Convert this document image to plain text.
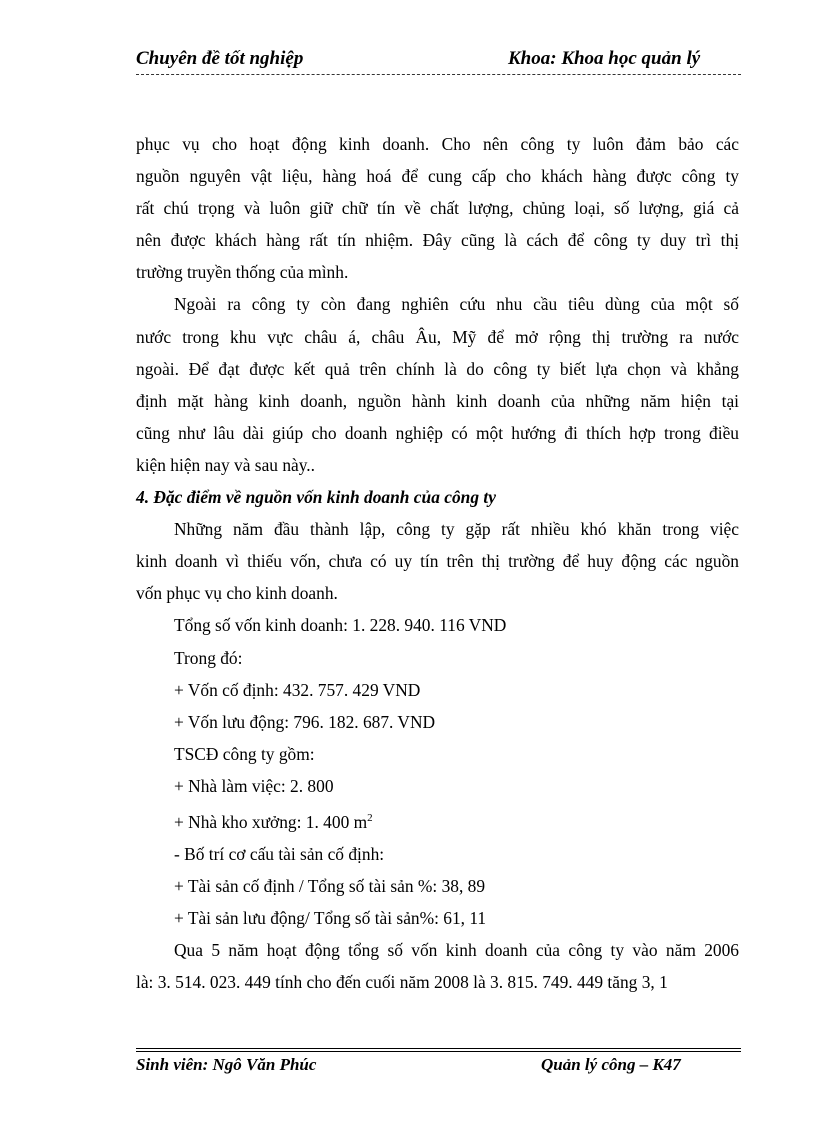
Chuyên đề tốt nghiệp	Khoa: Khoa học quản lý
phục vụ cho hoạt động kinh doanh. Cho nên công ty luôn đảm bảo các
nguồn nguyên vật liệu, hàng hoá để cung cấp cho khách hàng được công ty
rất chú trọng và luôn giữ chữ tín về chất lượng, chủng loại, số lượng, giá cả
nên được khách hàng rất tín nhiệm. Đây cũng là cách để công ty duy trì thị
trường truyền thống của mình.
Ngoài ra công ty còn đang nghiên cứu nhu cầu tiêu dùng của một số
nước trong khu vực châu á, châu Âu, Mỹ để mở rộng thị trường ra nước
ngoài. Để đạt được kết quả trên chính là do công ty biết lựa chọn và khẳng
định mặt hàng kinh doanh, nguồn hành kinh doanh của những năm hiện tại
cũng như lâu dài giúp cho doanh nghiệp có một hướng đi thích hợp trong điều
kiện hiện nay và sau này..
4. Đặc điểm về nguồn vốn kinh doanh của công ty
Những năm đầu thành lập, công ty gặp rất nhiều khó khăn trong việc
kinh doanh vì thiếu vốn, chưa có uy tín trên thị trường để huy động các nguồn
vốn phục vụ cho kinh doanh.
Tổng số vốn kinh doanh: 1. 228. 940. 116 VND
Trong đó:
+ Vốn cố định: 432. 757. 429 VND
+ Vốn lưu động: 796. 182. 687. VND
TSCĐ công ty gồm:
+ Nhà làm việc: 2. 800
+ Nhà kho xưởng: 1. 400 $m^2$
- Bố trí cơ cấu tài sản cố định:
+ Tài sản cố định / Tổng số tài sản %: 38, 89
+ Tài sản lưu động/ Tổng số tài sản%: 61, 11
Qua 5 năm hoạt động tổng số vốn kinh doanh của công ty vào năm 2006
là: 3. 514. 023. 449 tính cho đến cuối năm 2008 là 3. 815. 749. 449 tăng 3, 1
Sinh viên: Ngô Văn Phúc	Quản lý công – K47
